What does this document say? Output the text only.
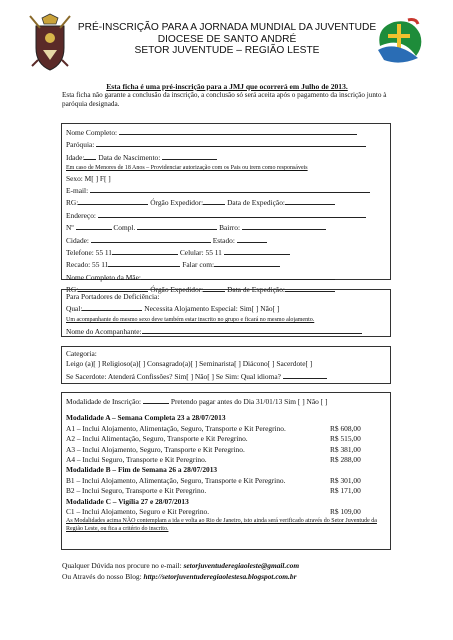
PRÉ-INSCRIÇÃO PARA A JORNADA MUNDIAL DA JUVENTUDE
DIOCESE DE SANTO ANDRÉ
SETOR JUVENTUDE – REGIÃO LESTE
Esta ficha é uma pré-inscrição para a JMJ que ocorrerá em Julho de 2013.
Esta ficha não garante a conclusão da inscrição, a conclusão só será aceita após o pagamento da inscrição junto à paróquia designada.
Nome Completo:
Paróquia:
Idade: Data de Nascimento:
Em caso de Menores de 18 Anos – Providenciar autorização com os Pais ou irem como responsáveis
Sexo: M[ ] F[ ]
E-mail:
RG:	Órgão Expedidor:	Data de Expedição:
Endereço:
Nº	Compl.	Bairro:
Cidade:	Estado:
Telefone: 55 11	Celular: 55 11
Recado: 55 11	Falar com:
Nome Completo da Mãe:
RG:	Órgão Expedidor:	Data de Expedição:
Para Portadores de Deficiência:
Qual:	Necessita Alojamento Especial: Sim[ ] Não[ ]
Um acompanhante do mesmo sexo deve também estar inscrito no grupo e ficará no mesmo alojamento.
Nome do Acompanhante:
Categoria:
Leigo (a)[ ] Religioso(a)[ ] Consagrado(a)[ ] Seminarista[ ] Diácono[ ] Sacerdote[ ]
Se Sacerdote: Atenderá Confissões? Sim[ ] Não[ ] Se Sim: Qual idioma?
Modalidade de Inscrição:	Pretendo pagar antes do Dia 31/01/13 Sim [ ] Não [ ]
Modalidade A – Semana Completa 23 a 28/07/2013
A1 – Inclui Alojamento, Alimentação, Seguro, Transporte e Kit Peregrino.	R$ 608,00
A2 – Inclui Alimentação, Seguro, Transporte e Kit Peregrino.	R$ 515,00
A3 – Inclui Alojamento, Seguro, Transporte e Kit Peregrino.	R$ 381,00
A4 – Inclui Seguro, Transporte e Kit Peregrino.	R$ 288,00
Modalidade B – Fim de Semana 26 a 28/07/2013
B1 – Inclui Alojamento, Alimentação, Seguro, Transporte e Kit Peregrino.	R$ 301,00
B2 – Inclui Seguro, Transporte e Kit Peregrino.	R$ 171,00
Modalidade C – Vigília 27 e 28/07/2013
C1 – Inclui Alojamento, Seguro e Kit Peregrino.	R$ 109,00
As Modalidades acima NÃO contemplam a ida e volta ao Rio de Janeiro, isto ainda será verificado através do Setor Juventude da Região Leste, ou fica a critério do inscrito.
Qualquer Dúvida nos procure no e-mail: setorjuventuderegiaoleste@gmail.com
Ou Através do nosso Blog: http://setorjuventuderegiaolestesa.blogspot.com.br
